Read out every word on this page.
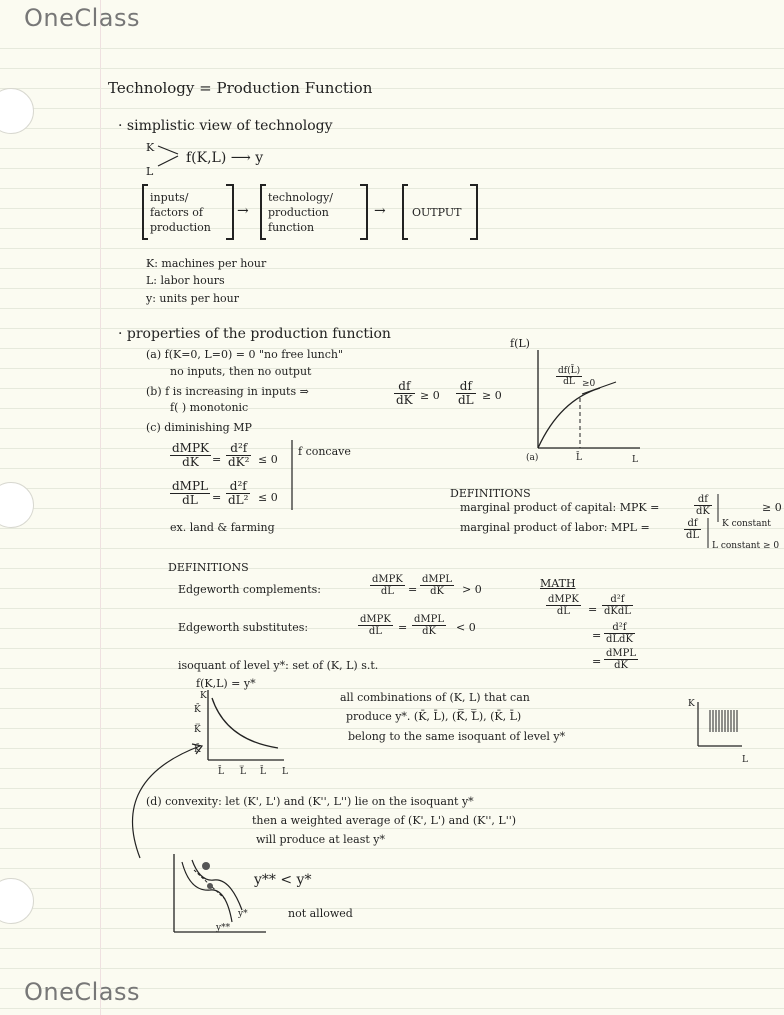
OneClass
OneClass
Technology = Production Function
· simplistic view of technology
K
L
f(K,L) ⟶ y
inputs/
factors of
production
→
technology/
production
function
→ OUTPUT
K: machines per hour
L: labor hours
y: units per hour
· properties of the production function
(a) f(K=0, L=0) = 0 "no free lunch"
no inputs, then no output
(b) f is increasing in inputs ⇒	$\frac{df}{dK} \ge 0 \frac{df}{dL} \ge 0$
f( ) monotonic
(c) diminishing MP
dMPK
dK	= $\frac{\text{d²f}}{\text{dK²}} \le 0$
dMPL
dL	= $\frac{\text{d²f}}{\text{dL²}} \le 0$
f concave
ex. land & farming
f(L)
$\frac{df(L̄)}{dL} \ge 0$
(a)	L̄	L
DEFINITIONS
marginal product of capital: MPK =	$\frac{df}{dK}$	≥ 0
K constant
marginal product of labor: MPL =	$\frac{df}{dL}$
L constant ≥ 0
DEFINITIONS
Edgeworth complements:
dMPK
dL	=
dMPL
dK	> 0
Edgeworth substitutes:
dMPK
dL	=
dMPL
dK	< 0
isoquant of level y*: set of (K, L) s.t.
f(K,L) = y*
MATH
dMPK
dL	=
d²f
dKdL
=
d²f
dLdK
=
dMPL
dK
K
K̄
K̿
K̄
L̄ L̿ L̄ L
all combinations of (K, L) that can
produce y*. (K̄, L̄), (K̿, L̿), (K̄, L̄)
belong to the same isoquant of level y*
K
L
(d) convexity: let (K', L') and (K'', L'') lie on the isoquant y*
then a weighted average of (K', L') and (K'', L'')
will produce at least y*
y*
y**
y** < y*
not allowed
